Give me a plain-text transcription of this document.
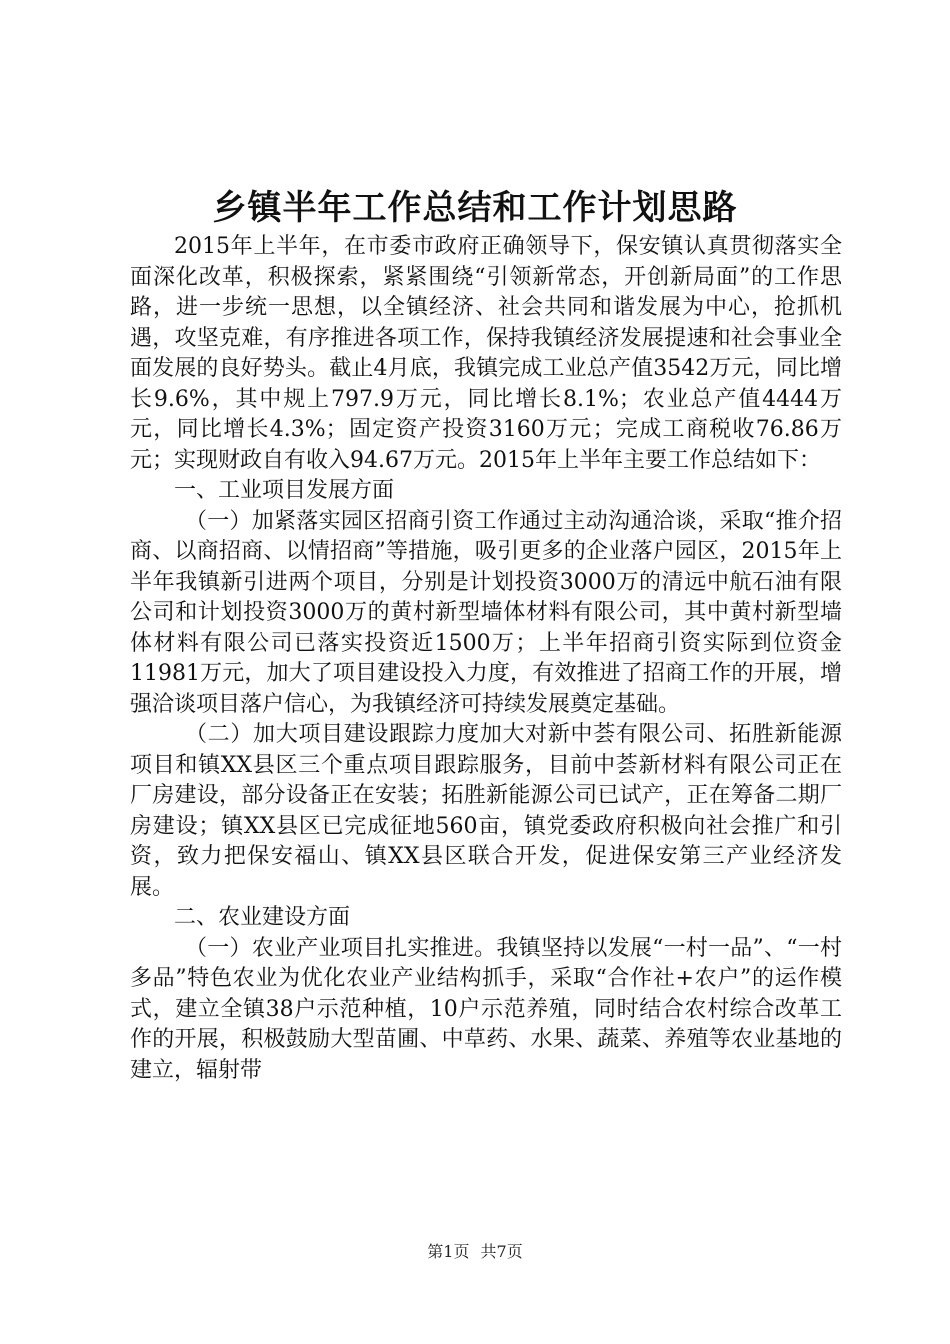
乡镇半年工作总结和工作计划思路

2015年上半年，在市委市政府正确领导下，保安镇认真贯彻落实全面深化改革，积极探索，紧紧围绕“引领新常态，开创新局面”的工作思路，进一步统一思想，以全镇经济、社会共同和谐发展为中心，抢抓机遇，攻坚克难，有序推进各项工作，保持我镇经济发展提速和社会事业全面发展的良好势头。截止4月底，我镇完成工业总产值3542万元，同比增长9.6%，其中规上797.9万元，同比增长8.1%；农业总产值4444万元，同比增长4.3%；固定资产投资3160万元；完成工商税收76.86万元；实现财政自有收入94.67万元。2015年上半年主要工作总结如下：

一、工业项目发展方面

（一）加紧落实园区招商引资工作通过主动沟通洽谈，采取“推介招商、以商招商、以情招商”等措施，吸引更多的企业落户园区，2015年上半年我镇新引进两个项目，分别是计划投资3000万的清远中航石油有限公司和计划投资3000万的黄村新型墙体材料有限公司，其中黄村新型墙体材料有限公司已落实投资近1500万；上半年招商引资实际到位资金11981万元，加大了项目建设投入力度，有效推进了招商工作的开展，增强洽谈项目落户信心，为我镇经济可持续发展奠定基础。

（二）加大项目建设跟踪力度加大对新中荟有限公司、拓胜新能源项目和镇XX县区三个重点项目跟踪服务，目前中荟新材料有限公司正在厂房建设，部分设备正在安装；拓胜新能源公司已试产，正在筹备二期厂房建设；镇XX县区已完成征地560亩，镇党委政府积极向社会推广和引资，致力把保安福山、镇XX县区联合开发，促进保安第三产业经济发展。

二、农业建设方面

（一）农业产业项目扎实推进。我镇坚持以发展“一村一品”、“一村多品”特色农业为优化农业产业结构抓手，采取“合作社+农户”的运作模式，建立全镇38户示范种植，10户示范养殖，同时结合农村综合改革工作的开展，积极鼓励大型苗圃、中草药、水果、蔬菜、养殖等农业基地的建立，辐射带

第1页 共7页
